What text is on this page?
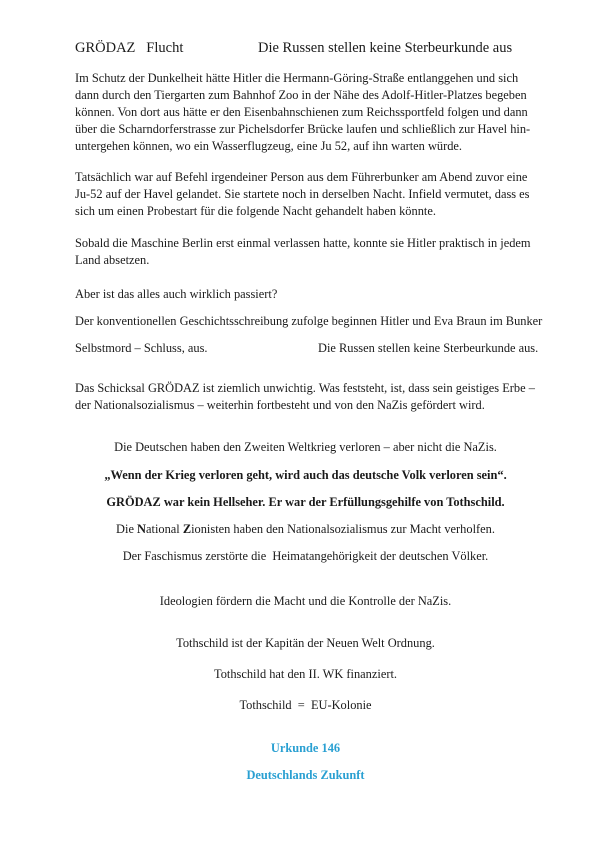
GRÖDAZ   Flucht	Die Russen stellen keine Sterbeurkunde aus

Im Schutz der Dunkelheit hätte Hitler die Hermann-Göring-Straße entlanggehen und sich dann durch den Tiergarten zum Bahnhof Zoo in der Nähe des Adolf-Hitler-Platzes begeben können. Von dort aus hätte er den Eisenbahnschienen zum Reichssportfeld folgen und dann über die Scharndorferstrasse zur Pichelsdorfer Brücke laufen und schließlich zur Havel hin-untergehen können, wo ein Wasserflugzeug, eine Ju 52, auf ihn warten würde.

Tatsächlich war auf Befehl irgendeiner Person aus dem Führerbunker am Abend zuvor eine Ju-52 auf der Havel gelandet. Sie startete noch in derselben Nacht. Infield vermutet, dass es sich um einen Probestart für die folgende Nacht gehandelt haben könnte.

Sobald die Maschine Berlin erst einmal verlassen hatte, konnte sie Hitler praktisch in jedem Land absetzen.

Aber ist das alles auch wirklich passiert?
Der konventionellen Geschichtsschreibung zufolge beginnen Hitler und Eva Braun im Bunker
Selbstmord – Schluss, aus.	Die Russen stellen keine Sterbeurkunde aus.

Das Schicksal GRÖDAZ ist ziemlich unwichtig. Was feststeht, ist, dass sein geistiges Erbe – der Nationalsozialismus – weiterhin fortbesteht und von den NaZis gefördert wird.

Die Deutschen haben den Zweiten Weltkrieg verloren – aber nicht die NaZis.
„Wenn der Krieg verloren geht, wird auch das deutsche Volk verloren sein“.
GRÖDAZ war kein Hellseher. Er war der Erfüllungsgehilfe von Tothschild.
Die National Zionisten haben den Nationalsozialismus zur Macht verholfen.
Der Faschismus zerstörte die  Heimatangehörigkeit der deutschen Völker.
Ideologien fördern die Macht und die Kontrolle der NaZis.
Tothschild ist der Kapitän der Neuen Welt Ordnung.
Tothschild hat den II. WK finanziert.
Tothschild  =  EU-Kolonie
Urkunde 146
Deutschlands Zukunft
